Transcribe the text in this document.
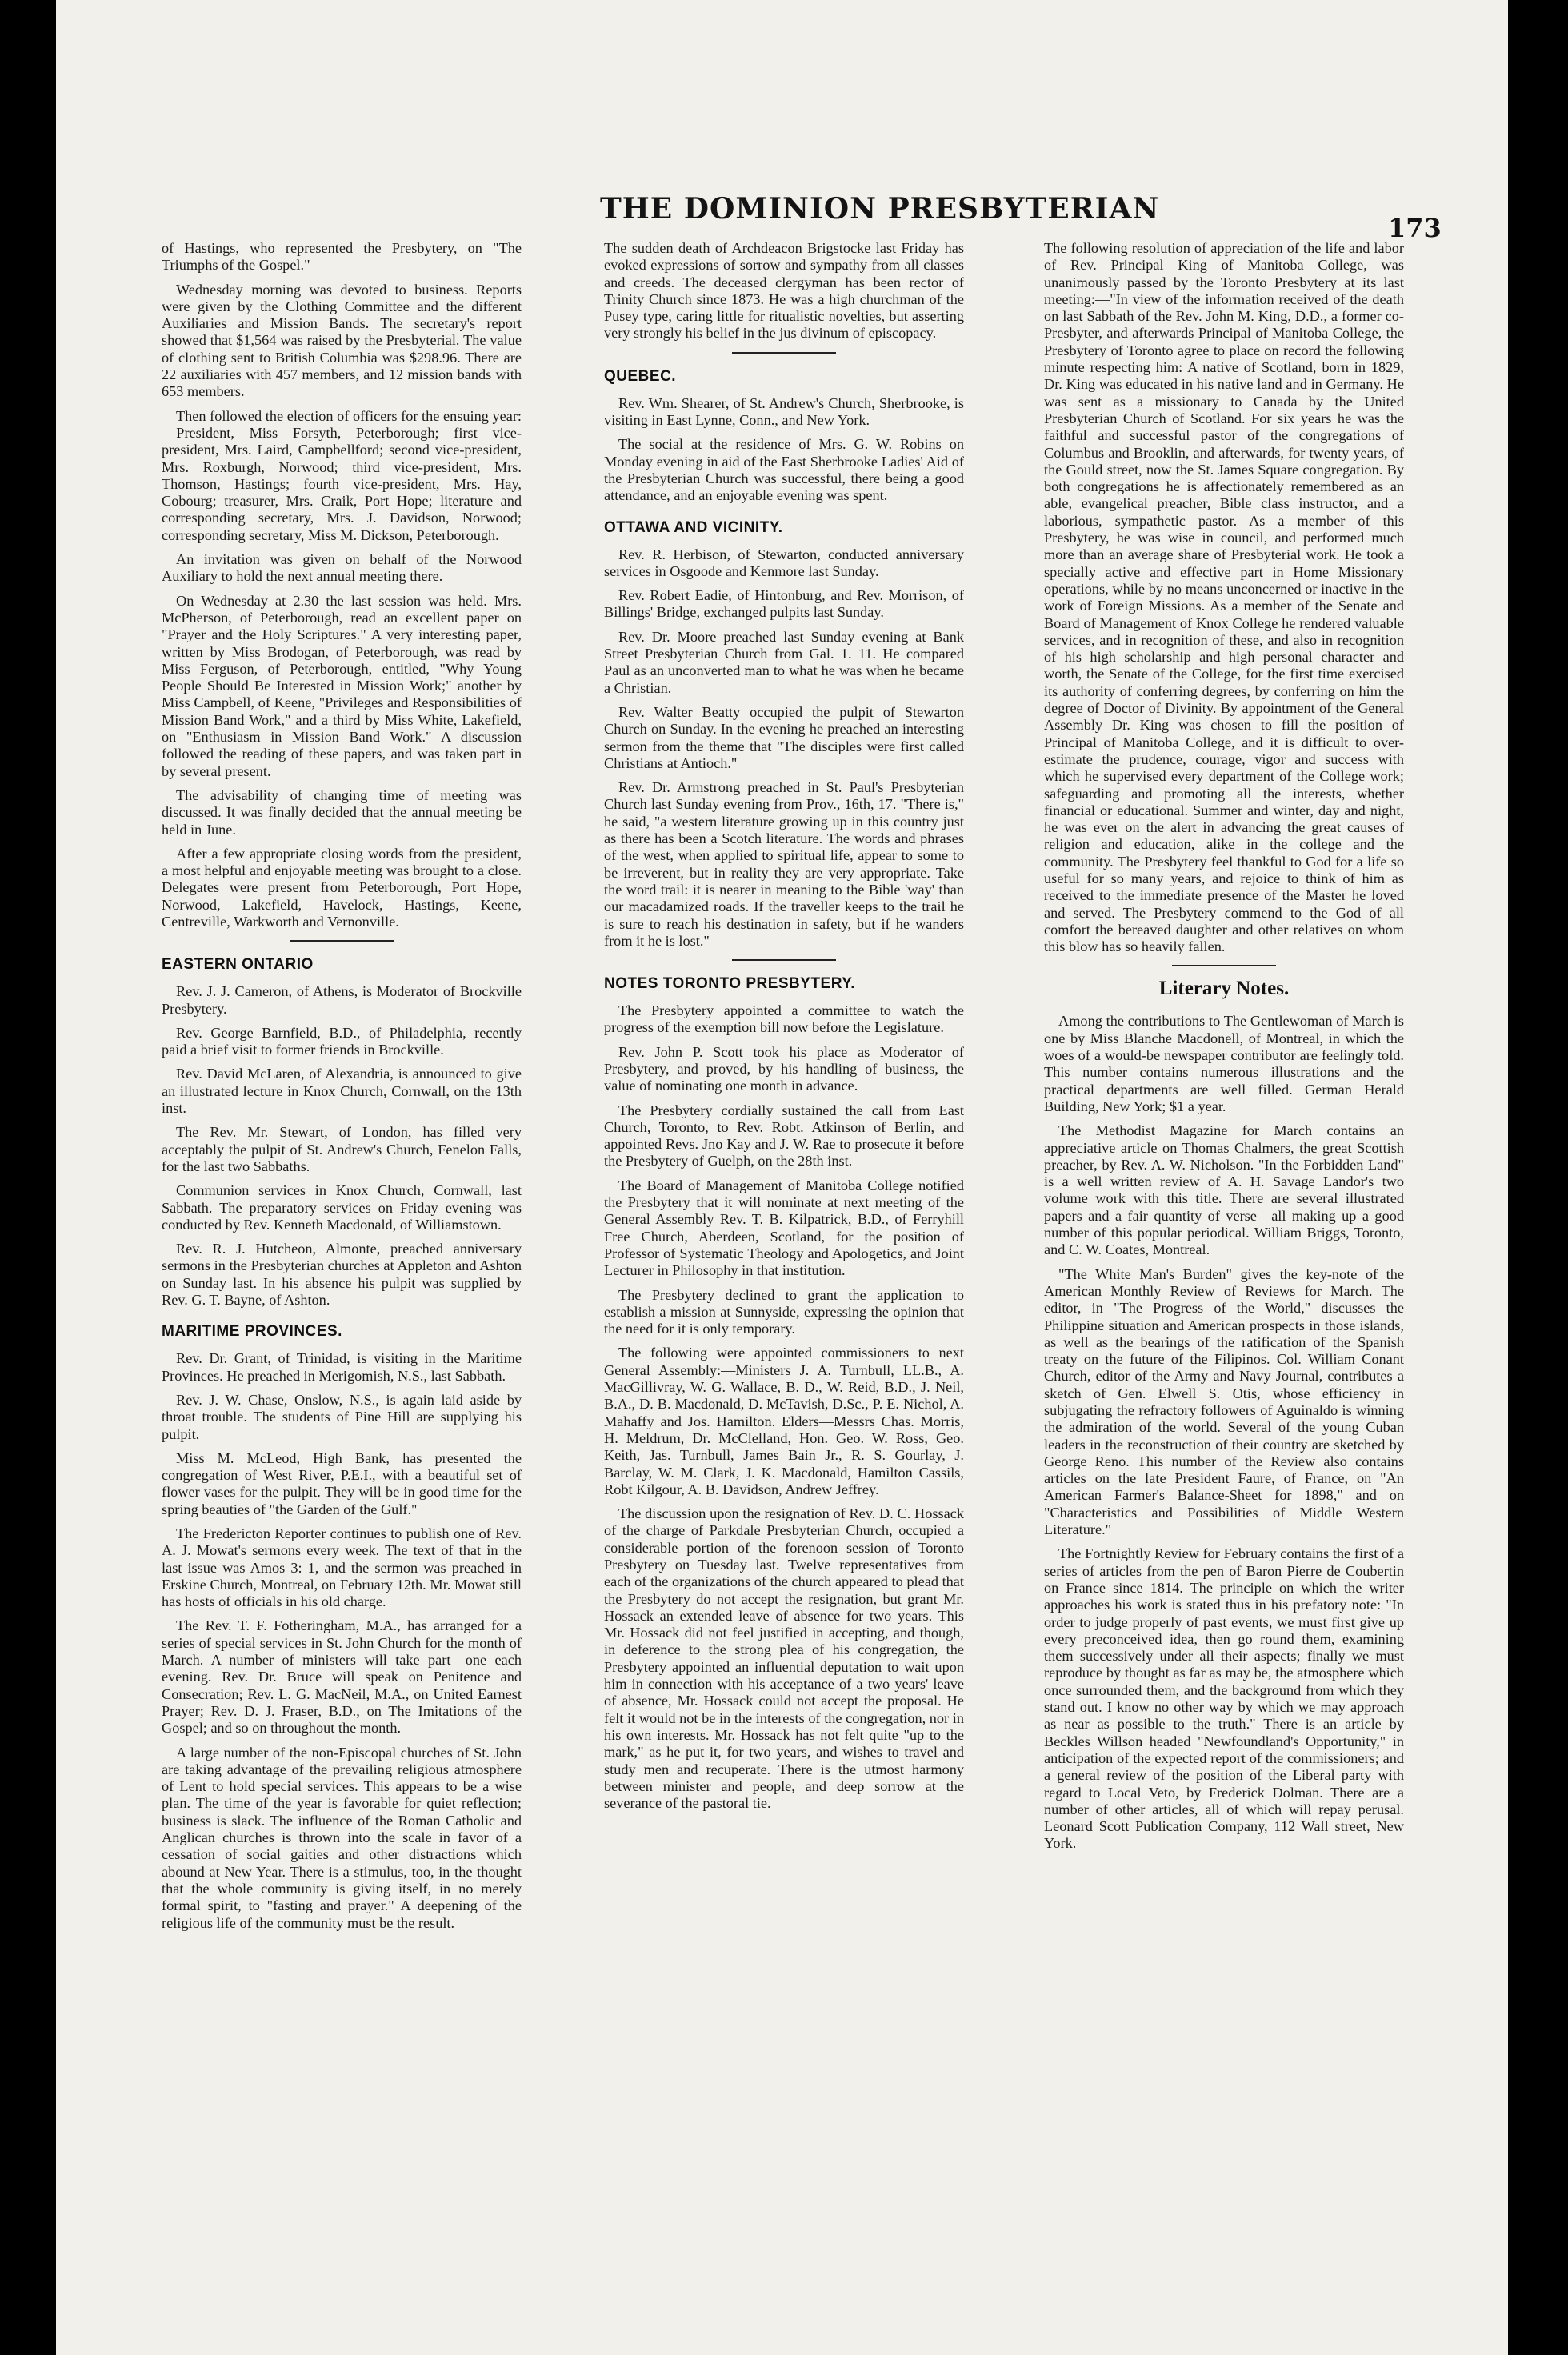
THE DOMINION PRESBYTERIAN
173

of Hastings, who represented the Presbytery, on "The Triumphs of the Gospel."

Wednesday morning was devoted to business. Reports were given by the Clothing Committee and the different Auxiliaries and Mission Bands. The secretary's report showed that $1,564 was raised by the Presbyterial. The value of clothing sent to British Columbia was $298.96. There are 22 auxiliaries with 457 members, and 12 mission bands with 653 members.

Then followed the election of officers for the ensuing year:—President, Miss Forsyth, Peterborough; first vice-president, Mrs. Laird, Campbellford; second vice-president, Mrs. Roxburgh, Norwood; third vice-president, Mrs. Thomson, Hastings; fourth vice-president, Mrs. Hay, Cobourg; treasurer, Mrs. Craik, Port Hope; literature and corresponding secretary, Mrs. J. Davidson, Norwood; corresponding secretary, Miss M. Dickson, Peterborough.

An invitation was given on behalf of the Norwood Auxiliary to hold the next annual meeting there.

On Wednesday at 2.30 the last session was held. Mrs. McPherson, of Peterborough, read an excellent paper on "Prayer and the Holy Scriptures." A very interesting paper, written by Miss Brodogan, of Peterborough, was read by Miss Ferguson, of Peterborough, entitled, "Why Young People Should Be Interested in Mission Work;" another by Miss Campbell, of Keene, "Privileges and Responsibilities of Mission Band Work," and a third by Miss White, Lakefield, on "Enthusiasm in Mission Band Work." A discussion followed the reading of these papers, and was taken part in by several present.

The advisability of changing time of meeting was discussed. It was finally decided that the annual meeting be held in June.

After a few appropriate closing words from the president, a most helpful and enjoyable meeting was brought to a close. Delegates were present from Peterborough, Port Hope, Norwood, Lakefield, Havelock, Hastings, Keene, Centreville, Warkworth and Vernonville.

EASTERN ONTARIO

Rev. J. J. Cameron, of Athens, is Moderator of Brockville Presbytery.

Rev. George Barnfield, B.D., of Philadelphia, recently paid a brief visit to former friends in Brockville.

Rev. David McLaren, of Alexandria, is announced to give an illustrated lecture in Knox Church, Cornwall, on the 13th inst.

The Rev. Mr. Stewart, of London, has filled very acceptably the pulpit of St. Andrew's Church, Fenelon Falls, for the last two Sabbaths.

Communion services in Knox Church, Cornwall, last Sabbath. The preparatory services on Friday evening was conducted by Rev. Kenneth Macdonald, of Williamstown.

Rev. R. J. Hutcheon, Almonte, preached anniversary sermons in the Presbyterian churches at Appleton and Ashton on Sunday last. In his absence his pulpit was supplied by Rev. G. T. Bayne, of Ashton.

MARITIME PROVINCES.

Rev. Dr. Grant, of Trinidad, is visiting in the Maritime Provinces. He preached in Merigomish, N.S., last Sabbath.

Rev. J. W. Chase, Onslow, N.S., is again laid aside by throat trouble. The students of Pine Hill are supplying his pulpit.

Miss M. McLeod, High Bank, has presented the congregation of West River, P.E.I., with a beautiful set of flower vases for the pulpit. They will be in good time for the spring beauties of "the Garden of the Gulf."

The Fredericton Reporter continues to publish one of Rev. A. J. Mowat's sermons every week. The text of that in the last issue was Amos 3: 1, and the sermon was preached in Erskine Church, Montreal, on February 12th. Mr. Mowat still has hosts of officials in his old charge.

The Rev. T. F. Fotheringham, M.A., has arranged for a series of special services in St. John Church for the month of March. A number of ministers will take part—one each evening. Rev. Dr. Bruce will speak on Penitence and Consecration; Rev. L. G. MacNeil, M.A., on United Earnest Prayer; Rev. D. J. Fraser, B.D., on The Imitations of the Gospel; and so on throughout the month.

A large number of the non-Episcopal churches of St. John are taking advantage of the prevailing religious atmosphere of Lent to hold special services. This appears to be a wise plan. The time of the year is favorable for quiet reflection; business is slack. The influence of the Roman Catholic and Anglican churches is thrown into the scale in favor of a cessation of social gaities and other distractions which abound at New Year. There is a stimulus, too, in the thought that the whole community is giving itself, in no merely formal spirit, to "fasting and prayer." A deepening of the religious life of the community must be the result.

The sudden death of Archdeacon Brigstocke last Friday has evoked expressions of sorrow and sympathy from all classes and creeds. The deceased clergyman has been rector of Trinity Church since 1873. He was a high churchman of the Pusey type, caring little for ritualistic novelties, but asserting very strongly his belief in the jus divinum of episcopacy.

QUEBEC.

Rev. Wm. Shearer, of St. Andrew's Church, Sherbrooke, is visiting in East Lynne, Conn., and New York.

The social at the residence of Mrs. G. W. Robins on Monday evening in aid of the East Sherbrooke Ladies' Aid of the Presbyterian Church was successful, there being a good attendance, and an enjoyable evening was spent.

OTTAWA AND VICINITY.

Rev. R. Herbison, of Stewarton, conducted anniversary services in Osgoode and Kenmore last Sunday.

Rev. Robert Eadie, of Hintonburg, and Rev. Morrison, of Billings' Bridge, exchanged pulpits last Sunday.

Rev. Dr. Moore preached last Sunday evening at Bank Street Presbyterian Church from Gal. 1. 11. He compared Paul as an unconverted man to what he was when he became a Christian.

Rev. Walter Beatty occupied the pulpit of Stewarton Church on Sunday. In the evening he preached an interesting sermon from the theme that "The disciples were first called Christians at Antioch."

Rev. Dr. Armstrong preached in St. Paul's Presbyterian Church last Sunday evening from Prov., 16th, 17. "There is," he said, "a western literature growing up in this country just as there has been a Scotch literature. The words and phrases of the west, when applied to spiritual life, appear to some to be irreverent, but in reality they are very appropriate. Take the word trail: it is nearer in meaning to the Bible 'way' than our macadamized roads. If the traveller keeps to the trail he is sure to reach his destination in safety, but if he wanders from it he is lost."

NOTES TORONTO PRESBYTERY.

The Presbytery appointed a committee to watch the progress of the exemption bill now before the Legislature.

Rev. John P. Scott took his place as Moderator of Presbytery, and proved, by his handling of business, the value of nominating one month in advance.

The Presbytery cordially sustained the call from East Church, Toronto, to Rev. Robt. Atkinson of Berlin, and appointed Revs. Jno Kay and J. W. Rae to prosecute it before the Presbytery of Guelph, on the 28th inst.

The Board of Management of Manitoba College notified the Presbytery that it will nominate at next meeting of the General Assembly Rev. T. B. Kilpatrick, B.D., of Ferryhill Free Church, Aberdeen, Scotland, for the position of Professor of Systematic Theology and Apologetics, and Joint Lecturer in Philosophy in that institution.

The Presbytery declined to grant the application to establish a mission at Sunnyside, expressing the opinion that the need for it is only temporary.

The following were appointed commissioners to next General Assembly:—Ministers J. A. Turnbull, LL.B., A. MacGillivray, W. G. Wallace, B. D., W. Reid, B.D., J. Neil, B.A., D. B. Macdonald, D. McTavish, D.Sc., P. E. Nichol, A. Mahaffy and Jos. Hamilton. Elders—Messrs Chas. Morris, H. Meldrum, Dr. McClelland, Hon. Geo. W. Ross, Geo. Keith, Jas. Turnbull, James Bain Jr., R. S. Gourlay, J. Barclay, W. M. Clark, J. K. Macdonald, Hamilton Cassils, Robt Kilgour, A. B. Davidson, Andrew Jeffrey.

The discussion upon the resignation of Rev. D. C. Hossack of the charge of Parkdale Presbyterian Church, occupied a considerable portion of the forenoon session of Toronto Presbytery on Tuesday last. Twelve representatives from each of the organizations of the church appeared to plead that the Presbytery do not accept the resignation, but grant Mr. Hossack an extended leave of absence for two years. This Mr. Hossack did not feel justified in accepting, and though, in deference to the strong plea of his congregation, the Presbytery appointed an influential deputation to wait upon him in connection with his acceptance of a two years' leave of absence, Mr. Hossack could not accept the proposal. He felt it would not be in the interests of the congregation, nor in his own interests. Mr. Hossack has not felt quite "up to the mark," as he put it, for two years, and wishes to travel and study men and recuperate. There is the utmost harmony between minister and people, and deep sorrow at the severance of the pastoral tie.

The following resolution of appreciation of the life and labor of Rev. Principal King of Manitoba College, was unanimously passed by the Toronto Presbytery at its last meeting:—"In view of the information received of the death on last Sabbath of the Rev. John M. King, D.D., a former co-Presbyter, and afterwards Principal of Manitoba College, the Presbytery of Toronto agree to place on record the following minute respecting him: A native of Scotland, born in 1829, Dr. King was educated in his native land and in Germany. He was sent as a missionary to Canada by the United Presbyterian Church of Scotland. For six years he was the faithful and successful pastor of the congregations of Columbus and Brooklin, and afterwards, for twenty years, of the Gould street, now the St. James Square congregation. By both congregations he is affectionately remembered as an able, evangelical preacher, Bible class instructor, and a laborious, sympathetic pastor. As a member of this Presbytery, he was wise in council, and performed much more than an average share of Presbyterial work. He took a specially active and effective part in Home Missionary operations, while by no means unconcerned or inactive in the work of Foreign Missions. As a member of the Senate and Board of Management of Knox College he rendered valuable services, and in recognition of these, and also in recognition of his high scholarship and high personal character and worth, the Senate of the College, for the first time exercised its authority of conferring degrees, by conferring on him the degree of Doctor of Divinity. By appointment of the General Assembly Dr. King was chosen to fill the position of Principal of Manitoba College, and it is difficult to over-estimate the prudence, courage, vigor and success with which he supervised every department of the College work; safeguarding and promoting all the interests, whether financial or educational. Summer and winter, day and night, he was ever on the alert in advancing the great causes of religion and education, alike in the college and the community. The Presbytery feel thankful to God for a life so useful for so many years, and rejoice to think of him as received to the immediate presence of the Master he loved and served. The Presbytery commend to the God of all comfort the bereaved daughter and other relatives on whom this blow has so heavily fallen.

Literary Notes.

Among the contributions to The Gentlewoman of March is one by Miss Blanche Macdonell, of Montreal, in which the woes of a would-be newspaper contributor are feelingly told. This number contains numerous illustrations and the practical departments are well filled. German Herald Building, New York; $1 a year.

The Methodist Magazine for March contains an appreciative article on Thomas Chalmers, the great Scottish preacher, by Rev. A. W. Nicholson. "In the Forbidden Land" is a well written review of A. H. Savage Landor's two volume work with this title. There are several illustrated papers and a fair quantity of verse—all making up a good number of this popular periodical. William Briggs, Toronto, and C. W. Coates, Montreal.

"The White Man's Burden" gives the key-note of the American Monthly Review of Reviews for March. The editor, in "The Progress of the World," discusses the Philippine situation and American prospects in those islands, as well as the bearings of the ratification of the Spanish treaty on the future of the Filipinos. Col. William Conant Church, editor of the Army and Navy Journal, contributes a sketch of Gen. Elwell S. Otis, whose efficiency in subjugating the refractory followers of Aguinaldo is winning the admiration of the world. Several of the young Cuban leaders in the reconstruction of their country are sketched by George Reno. This number of the Review also contains articles on the late President Faure, of France, on "An American Farmer's Balance-Sheet for 1898," and on "Characteristics and Possibilities of Middle Western Literature."

The Fortnightly Review for February contains the first of a series of articles from the pen of Baron Pierre de Coubertin on France since 1814. The principle on which the writer approaches his work is stated thus in his prefatory note: "In order to judge properly of past events, we must first give up every preconceived idea, then go round them, examining them successively under all their aspects; finally we must reproduce by thought as far as may be, the atmosphere which once surrounded them, and the background from which they stand out. I know no other way by which we may approach as near as possible to the truth." There is an article by Beckles Willson headed "Newfoundland's Opportunity," in anticipation of the expected report of the commissioners; and a general review of the position of the Liberal party with regard to Local Veto, by Frederick Dolman. There are a number of other articles, all of which will repay perusal. Leonard Scott Publication Company, 112 Wall street, New York.
